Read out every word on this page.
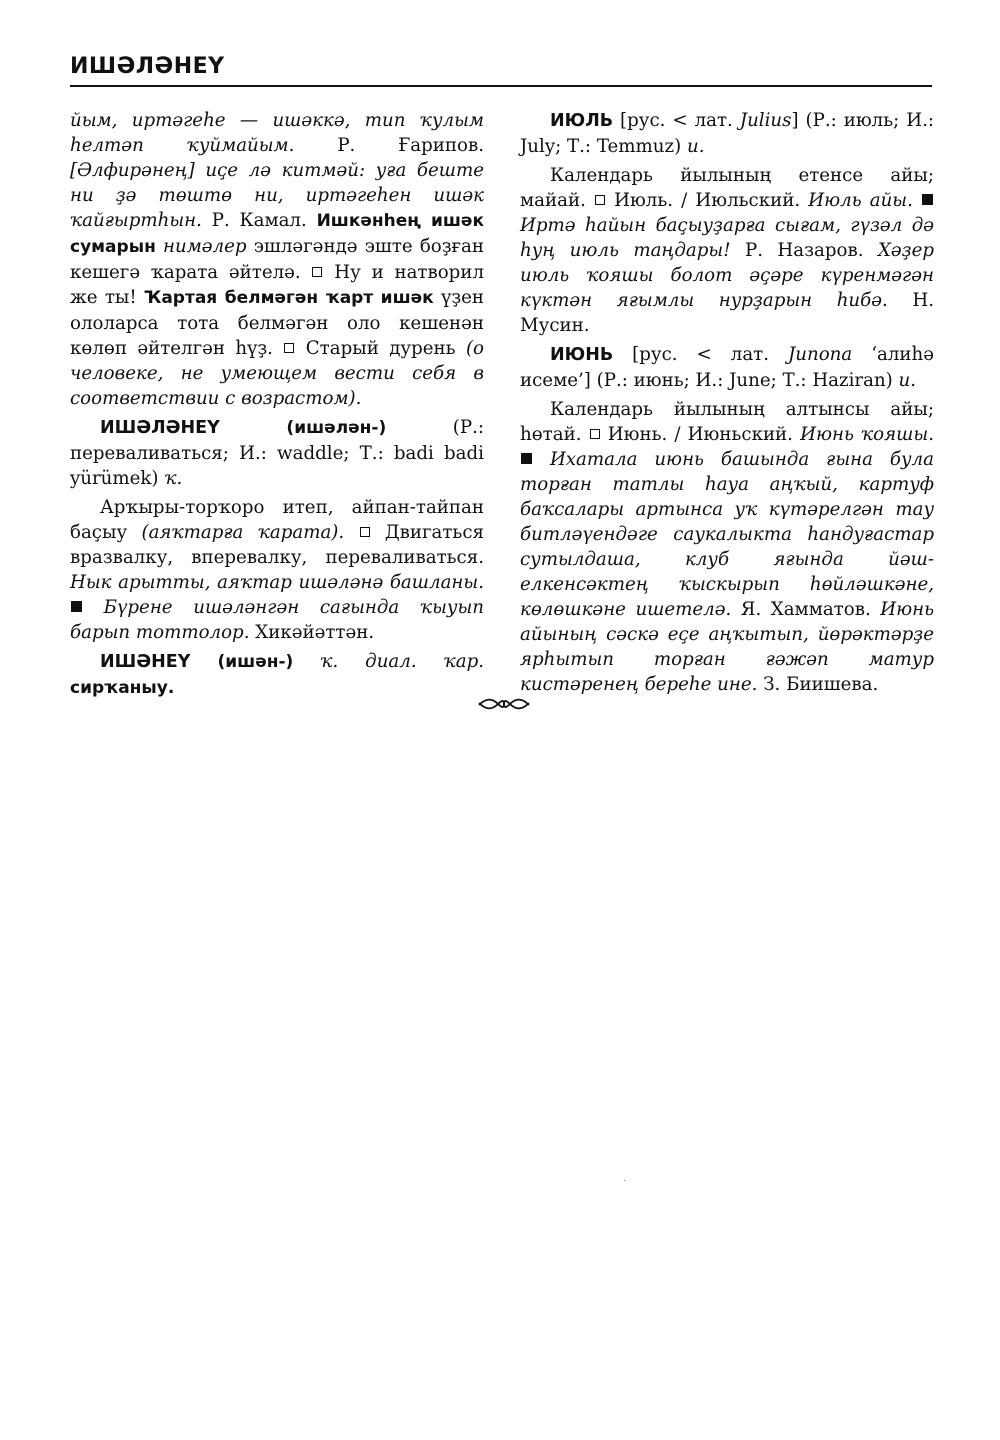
ИШӘЛӘНЕҮ

йым, иртәгеһе — ишәккә, тип ҡулым һелтәп ҡуймайым. Р. Ғарипов. [Әлфирәнең] иҫе лә китмәй: уға беште ни ҙә төштө ни, иртәгеһен ишәк ҡайғыртһын. Р. Камал. Ишкәнһең ишәк сумарын нимәлер эшләгәндә эште боҙған кешегә ҡарата әйтелә.  Ну и натворил же ты! Ҡартая белмәгән ҡарт ишәк үҙен ололарса тота белмәгән оло кешенән көлөп әйтелгән һүҙ.  Старый дурень (о человеке, не умеющем вести себя в соответствии с возрастом).

ИШӘЛӘНЕҮ (ишәлән-) (Р.: переваливаться; И.: waddle; Т.: badi badi yürümek) ҡ.

Арҡыры-торҡоро итеп, айпан-тайпан баҫыу (аяҡтарға ҡарата).  Двигаться вразвалку, вперевалку, переваливаться. Нык арытты, аяҡтар ишәләнә башланы.  Бүрене ишәләнгән сағында ҡыуып барып тоттолор. Хикәйәттән.

ИШӘНЕҮ (ишән-) ҡ. диал. ҡар. сирҡаныу.

ИЮЛЬ [рус. < лат. Julius] (Р.: июль; И.: July; Т.: Temmuz) и.

Календарь йылының етенсе айы; майай.  Июль. / Июльский. Июль айы.  Иртә һайын баҫыуҙарға сығам, гүзәл дә һуң июль таңдары! Р. Назаров. Хәҙер июль ҡояшы болот әҫәре күренмәгән күктән яғымлы нурҙарын һибә. Н. Мусин.

ИЮНЬ [рус. < лат. Junona ‘алиһә исеме’] (Р.: июнь; И.: June; Т.: Haziran) и.

Календарь йылының алтынсы айы; һөтай.  Июнь. / Июньский. Июнь ҡояшы.  Ихатала июнь башында ғына була торған татлы һауа аңҡый, картуф баҡсалары артынса уҡ күтәрелгән тау битләүендәге саукалыкта һандуғастар сутылдаша, клуб яғында йәш-елкенсәктең ҡыскырып һөйләшкәне, көлөшкәне ишетелә. Я. Хамматов. Июнь айының сәскә еҫе аңҡытып, йөрәктәрҙе ярһытып торған ғәжәп матур кистәренең береһе ине. З. Биишева.
